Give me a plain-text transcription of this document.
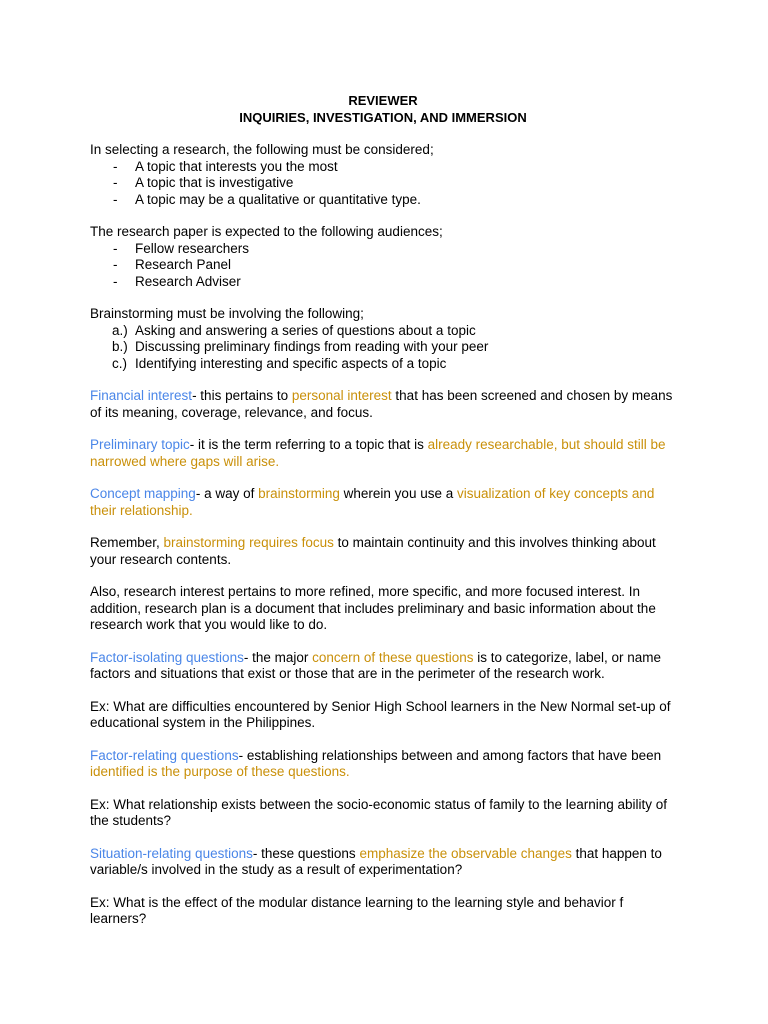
REVIEWER
INQUIRIES, INVESTIGATION, AND IMMERSION

In selecting a research, the following must be considered;

- A topic that interests you the most
- A topic that is investigative
- A topic may be a qualitative or quantitative type.

The research paper is expected to the following audiences;

- Fellow researchers
- Research Panel
- Research Adviser

Brainstorming must be involving the following;

a.) Asking and answering a series of questions about a topic
b.) Discussing preliminary findings from reading with your peer
c.) Identifying interesting and specific aspects of a topic

Financial interest- this pertains to personal interest that has been screened and chosen by means of its meaning, coverage, relevance, and focus.

Preliminary topic- it is the term referring to a topic that is already researchable, but should still be narrowed where gaps will arise.

Concept mapping- a way of brainstorming wherein you use a visualization of key concepts and their relationship.

Remember, brainstorming requires focus to maintain continuity and this involves thinking about your research contents.

Also, research interest pertains to more refined, more specific, and more focused interest. In addition, research plan is a document that includes preliminary and basic information about the research work that you would like to do.

Factor-isolating questions- the major concern of these questions is to categorize, label, or name factors and situations that exist or those that are in the perimeter of the research work.

Ex: What are difficulties encountered by Senior High School learners in the New Normal set-up of educational system in the Philippines.

Factor-relating questions- establishing relationships between and among factors that have been identified is the purpose of these questions.

Ex: What relationship exists between the socio-economic status of family to the learning ability of the students?

Situation-relating questions- these questions emphasize the observable changes that happen to variable/s involved in the study as a result of experimentation?

Ex: What is the effect of the modular distance learning to the learning style and behavior f learners?
